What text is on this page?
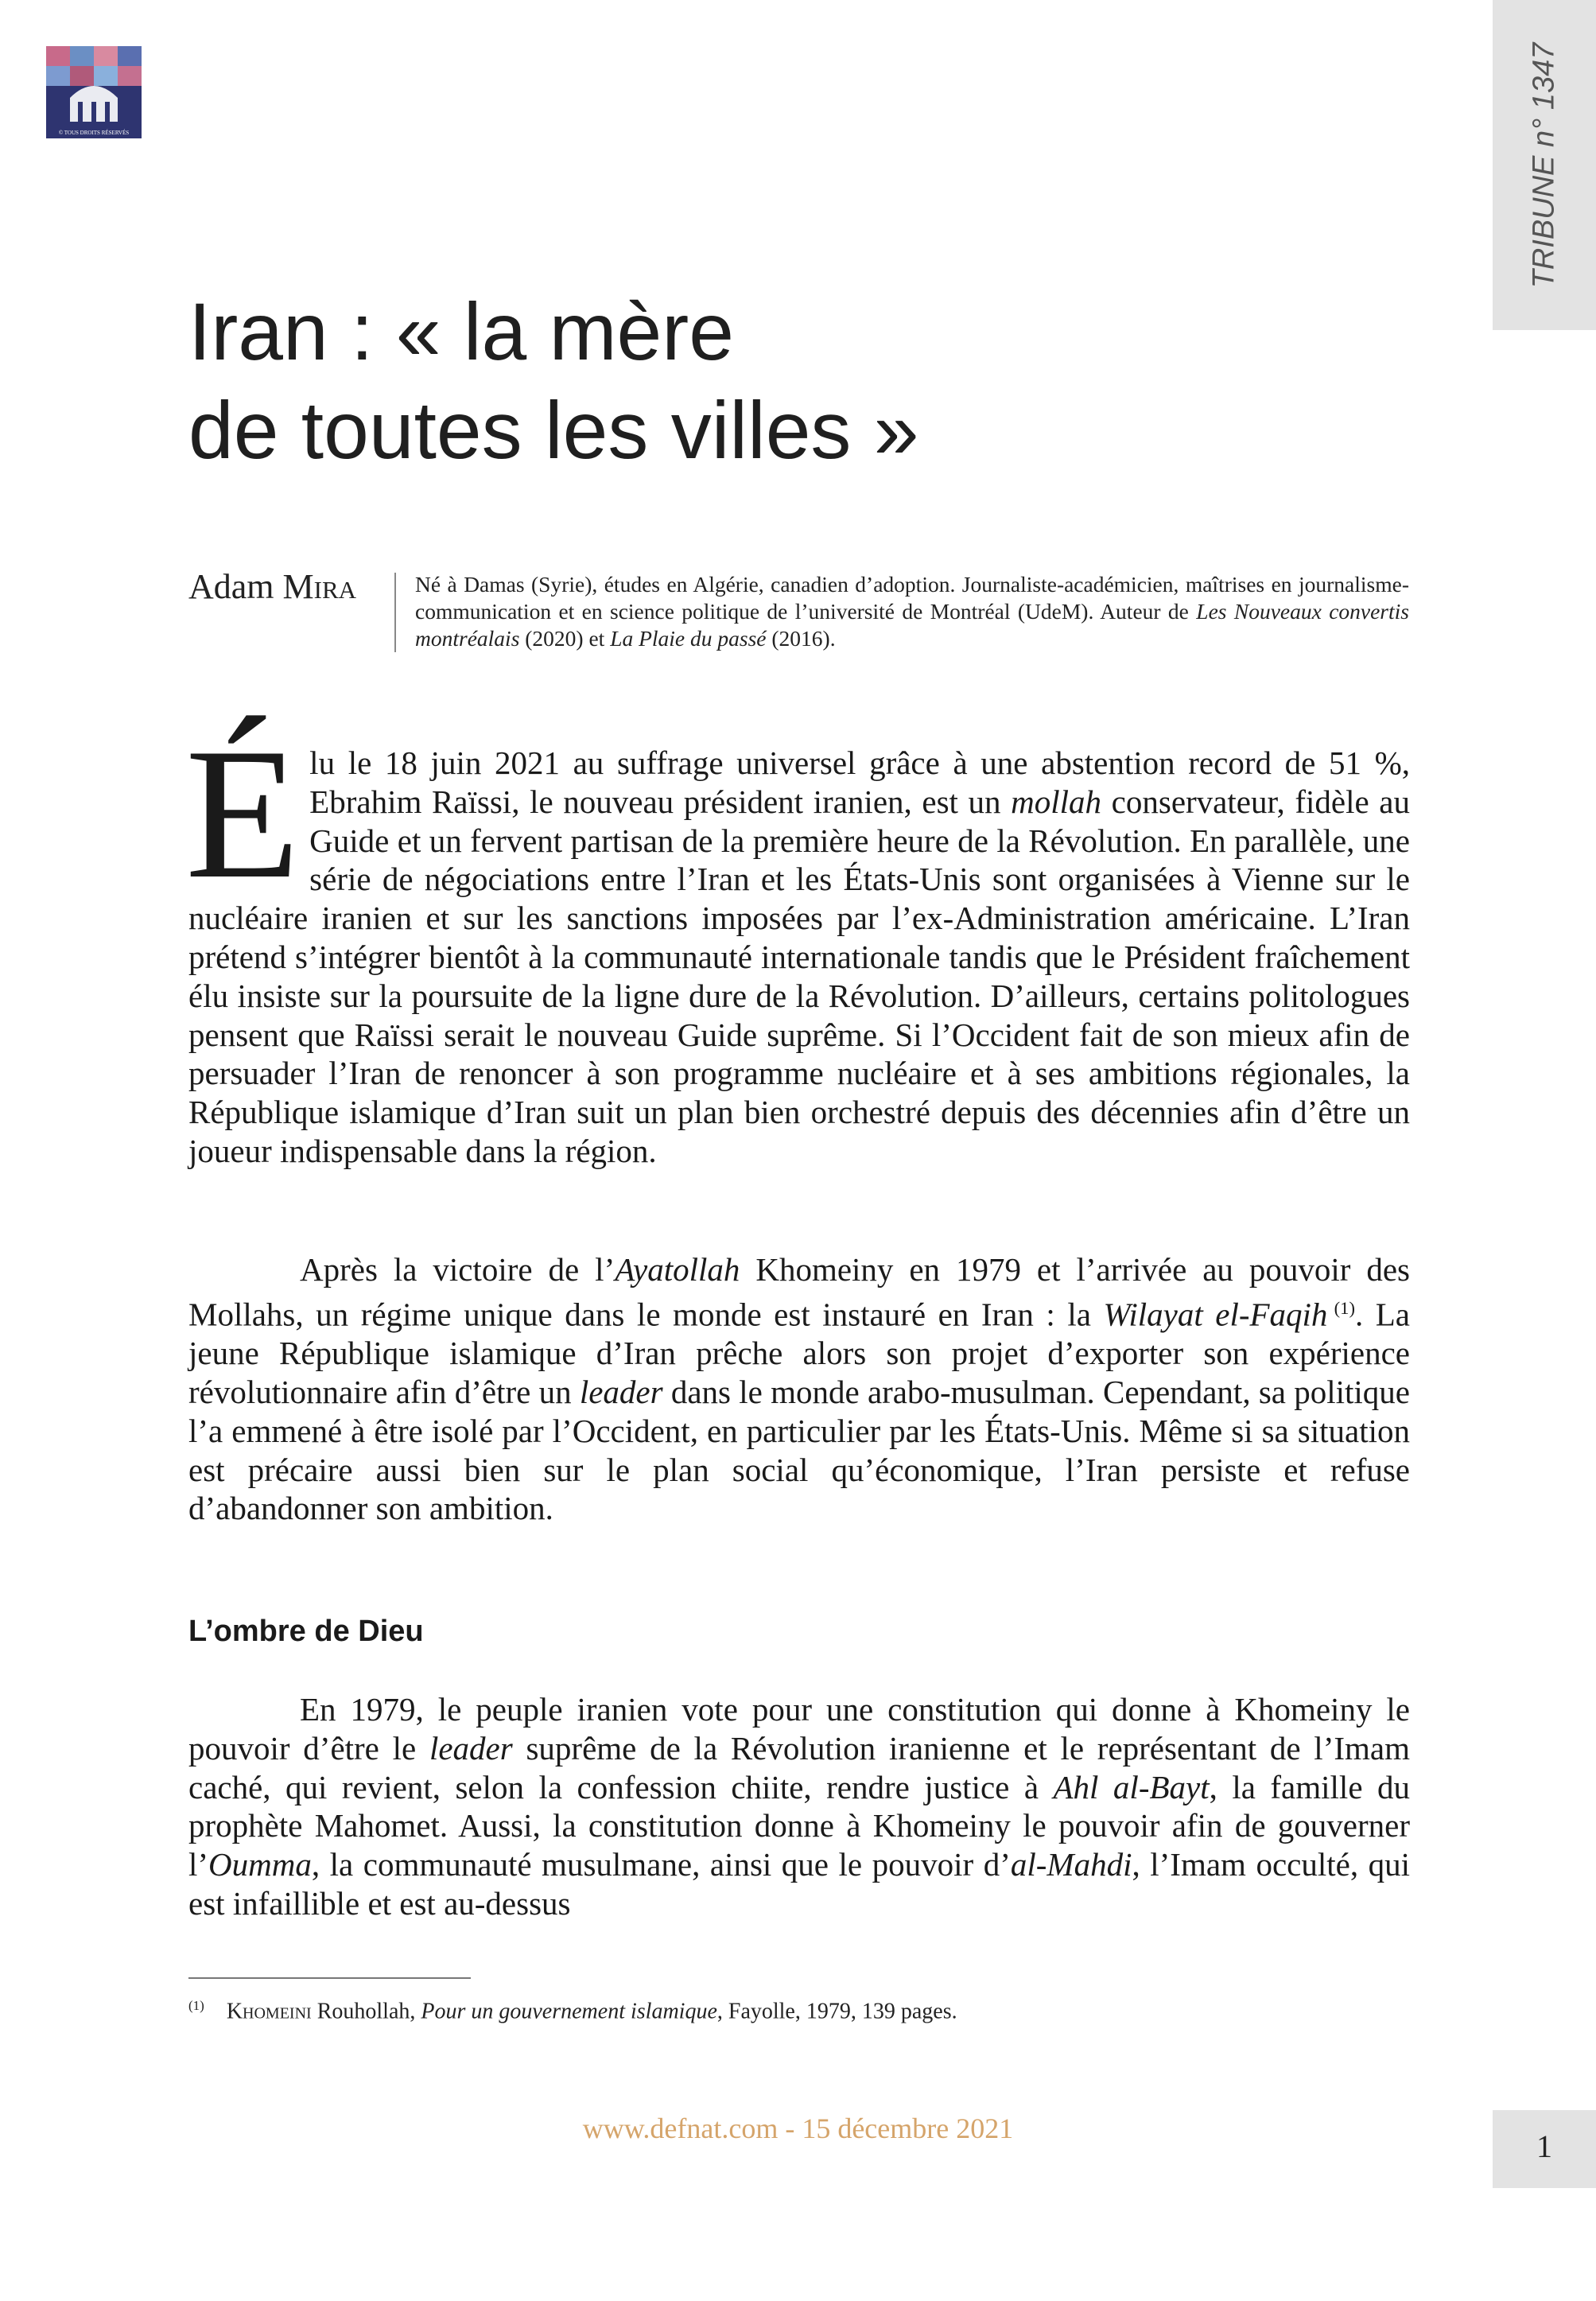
© TOUS DROITS RÉSERVÉS	TRIBUNE n° 1347
Iran : « la mère
de toutes les villes »
Adam Mira	Né à Damas (Syrie), études en Algérie, canadien d’adoption. Journaliste-académicien, maîtrises en journalisme-communication et en science politique de l’université de Montréal (UdeM). Auteur de Les Nouveaux convertis montréalais (2020) et La Plaie du passé (2016).

Élu le 18 juin 2021 au suffrage universel grâce à une abstention record de 51 %, Ebrahim Raïssi, le nouveau président iranien, est un mollah conservateur, fidèle au Guide et un fervent partisan de la première heure de la Révolution. En parallèle, une série de négociations entre l’Iran et les États-Unis sont organisées à Vienne sur le nucléaire iranien et sur les sanctions imposées par l’ex-Administration américaine. L’Iran prétend s’intégrer bientôt à la communauté internationale tandis que le Président fraîchement élu insiste sur la poursuite de la ligne dure de la Révolution. D’ailleurs, certains politologues pensent que Raïssi serait le nouveau Guide suprême. Si l’Occident fait de son mieux afin de persuader l’Iran de renoncer à son programme nucléaire et à ses ambitions régionales, la République islamique d’Iran suit un plan bien orchestré depuis des décennies afin d’être un joueur indispensable dans la région.

Après la victoire de l’Ayatollah Khomeiny en 1979 et l’arrivée au pouvoir des Mollahs, un régime unique dans le monde est instauré en Iran : la Wilayat el-Faqih  $^{(1)}$. La jeune République islamique d’Iran prêche alors son projet d’exporter son expérience révolutionnaire afin d’être un leader dans le monde arabo-musulman. Cependant, sa politique l’a emmené à être isolé par l’Occident, en particulier par les États-Unis. Même si sa situation est précaire aussi bien sur le plan social qu’économique, l’Iran persiste et refuse d’abandonner son ambition.

L’ombre de Dieu

En 1979, le peuple iranien vote pour une constitution qui donne à Khomeiny le pouvoir d’être le leader suprême de la Révolution iranienne et le représentant de l’Imam caché, qui revient, selon la confession chiite, rendre justice à Ahl al-Bayt, la famille du prophète Mahomet. Aussi, la constitution donne à Khomeiny le pouvoir afin de gouverner l’Oumma, la communauté musulmane, ainsi que le pouvoir d’al-Mahdi, l’Imam occulté, qui est infaillible et est au-dessus

$^{(1)}$ Khomeini Rouhollah, Pour un gouvernement islamique, Fayolle, 1979, 139 pages.
www.defnat.com - 15 décembre 2021	1
